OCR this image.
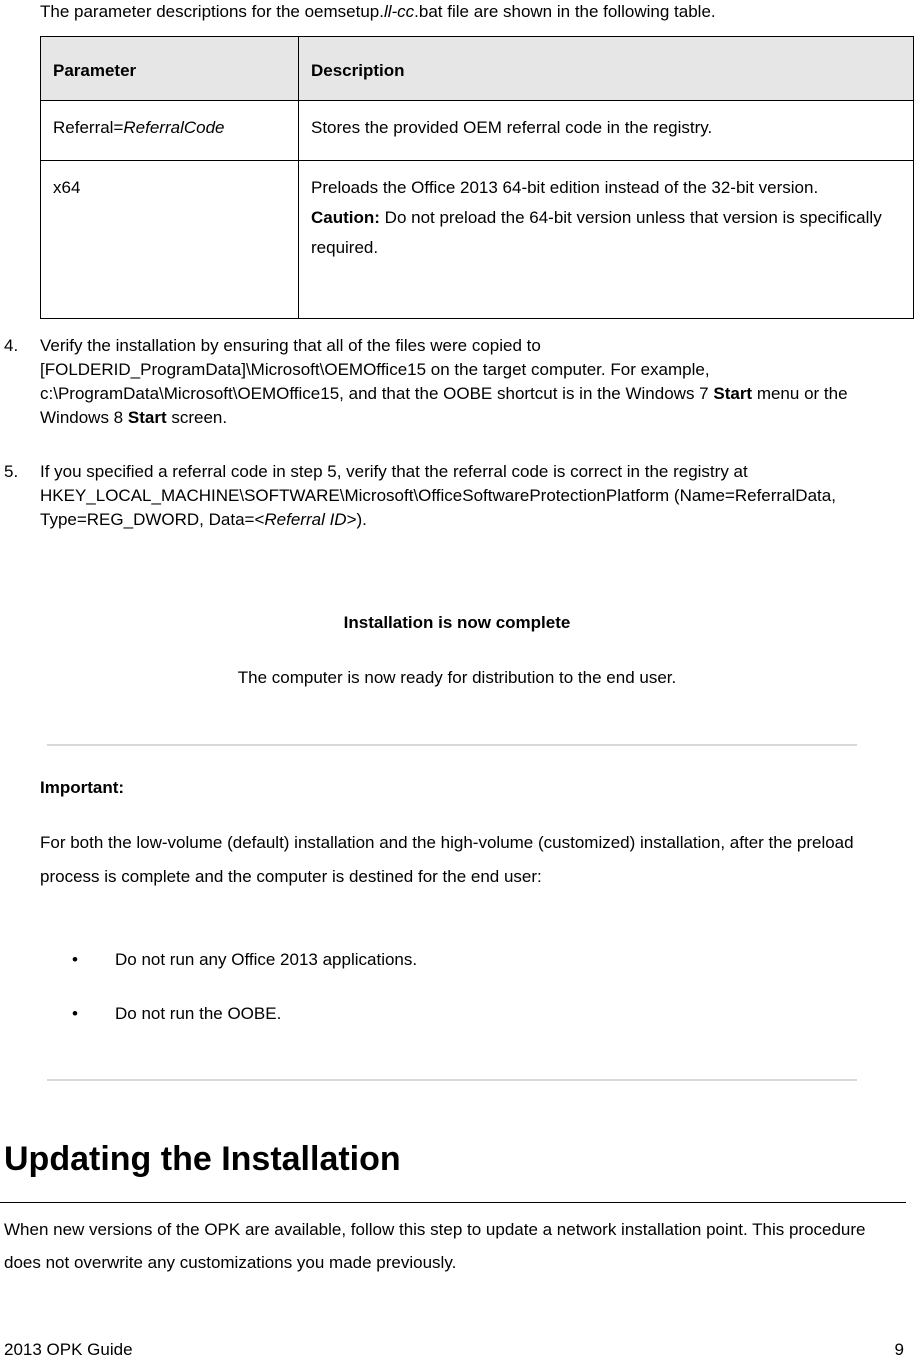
The parameter descriptions for the oemsetup.ll-cc.bat file are shown in the following table.
Parameter	Description
Referral=ReferralCode	Stores the provided OEM referral code in the registry.
x64	Preloads the Office 2013 64-bit edition instead of the 32-bit version.
Caution: Do not preload the 64-bit version unless that version is specifically required.
4. Verify the installation by ensuring that all of the files were copied to [FOLDERID_ProgramData]\Microsoft\OEMOffice15 on the target computer. For example, c:\ProgramData\Microsoft\OEMOffice15, and that the OOBE shortcut is in the Windows 7 Start menu or the Windows 8 Start screen.
5. If you specified a referral code in step 5, verify that the referral code is correct in the registry at HKEY_LOCAL_MACHINE\SOFTWARE\Microsoft\OfficeSoftwareProtectionPlatform (Name=ReferralData, Type=REG_DWORD, Data=<Referral ID>).
Installation is now complete
The computer is now ready for distribution to the end user.
Important:
For both the low-volume (default) installation and the high-volume (customized) installation, after the preload process is complete and the computer is destined for the end user:
• Do not run any Office 2013 applications.
• Do not run the OOBE.
Updating the Installation
When new versions of the OPK are available, follow this step to update a network installation point. This procedure does not overwrite any customizations you made previously.
2013 OPK Guide	9
